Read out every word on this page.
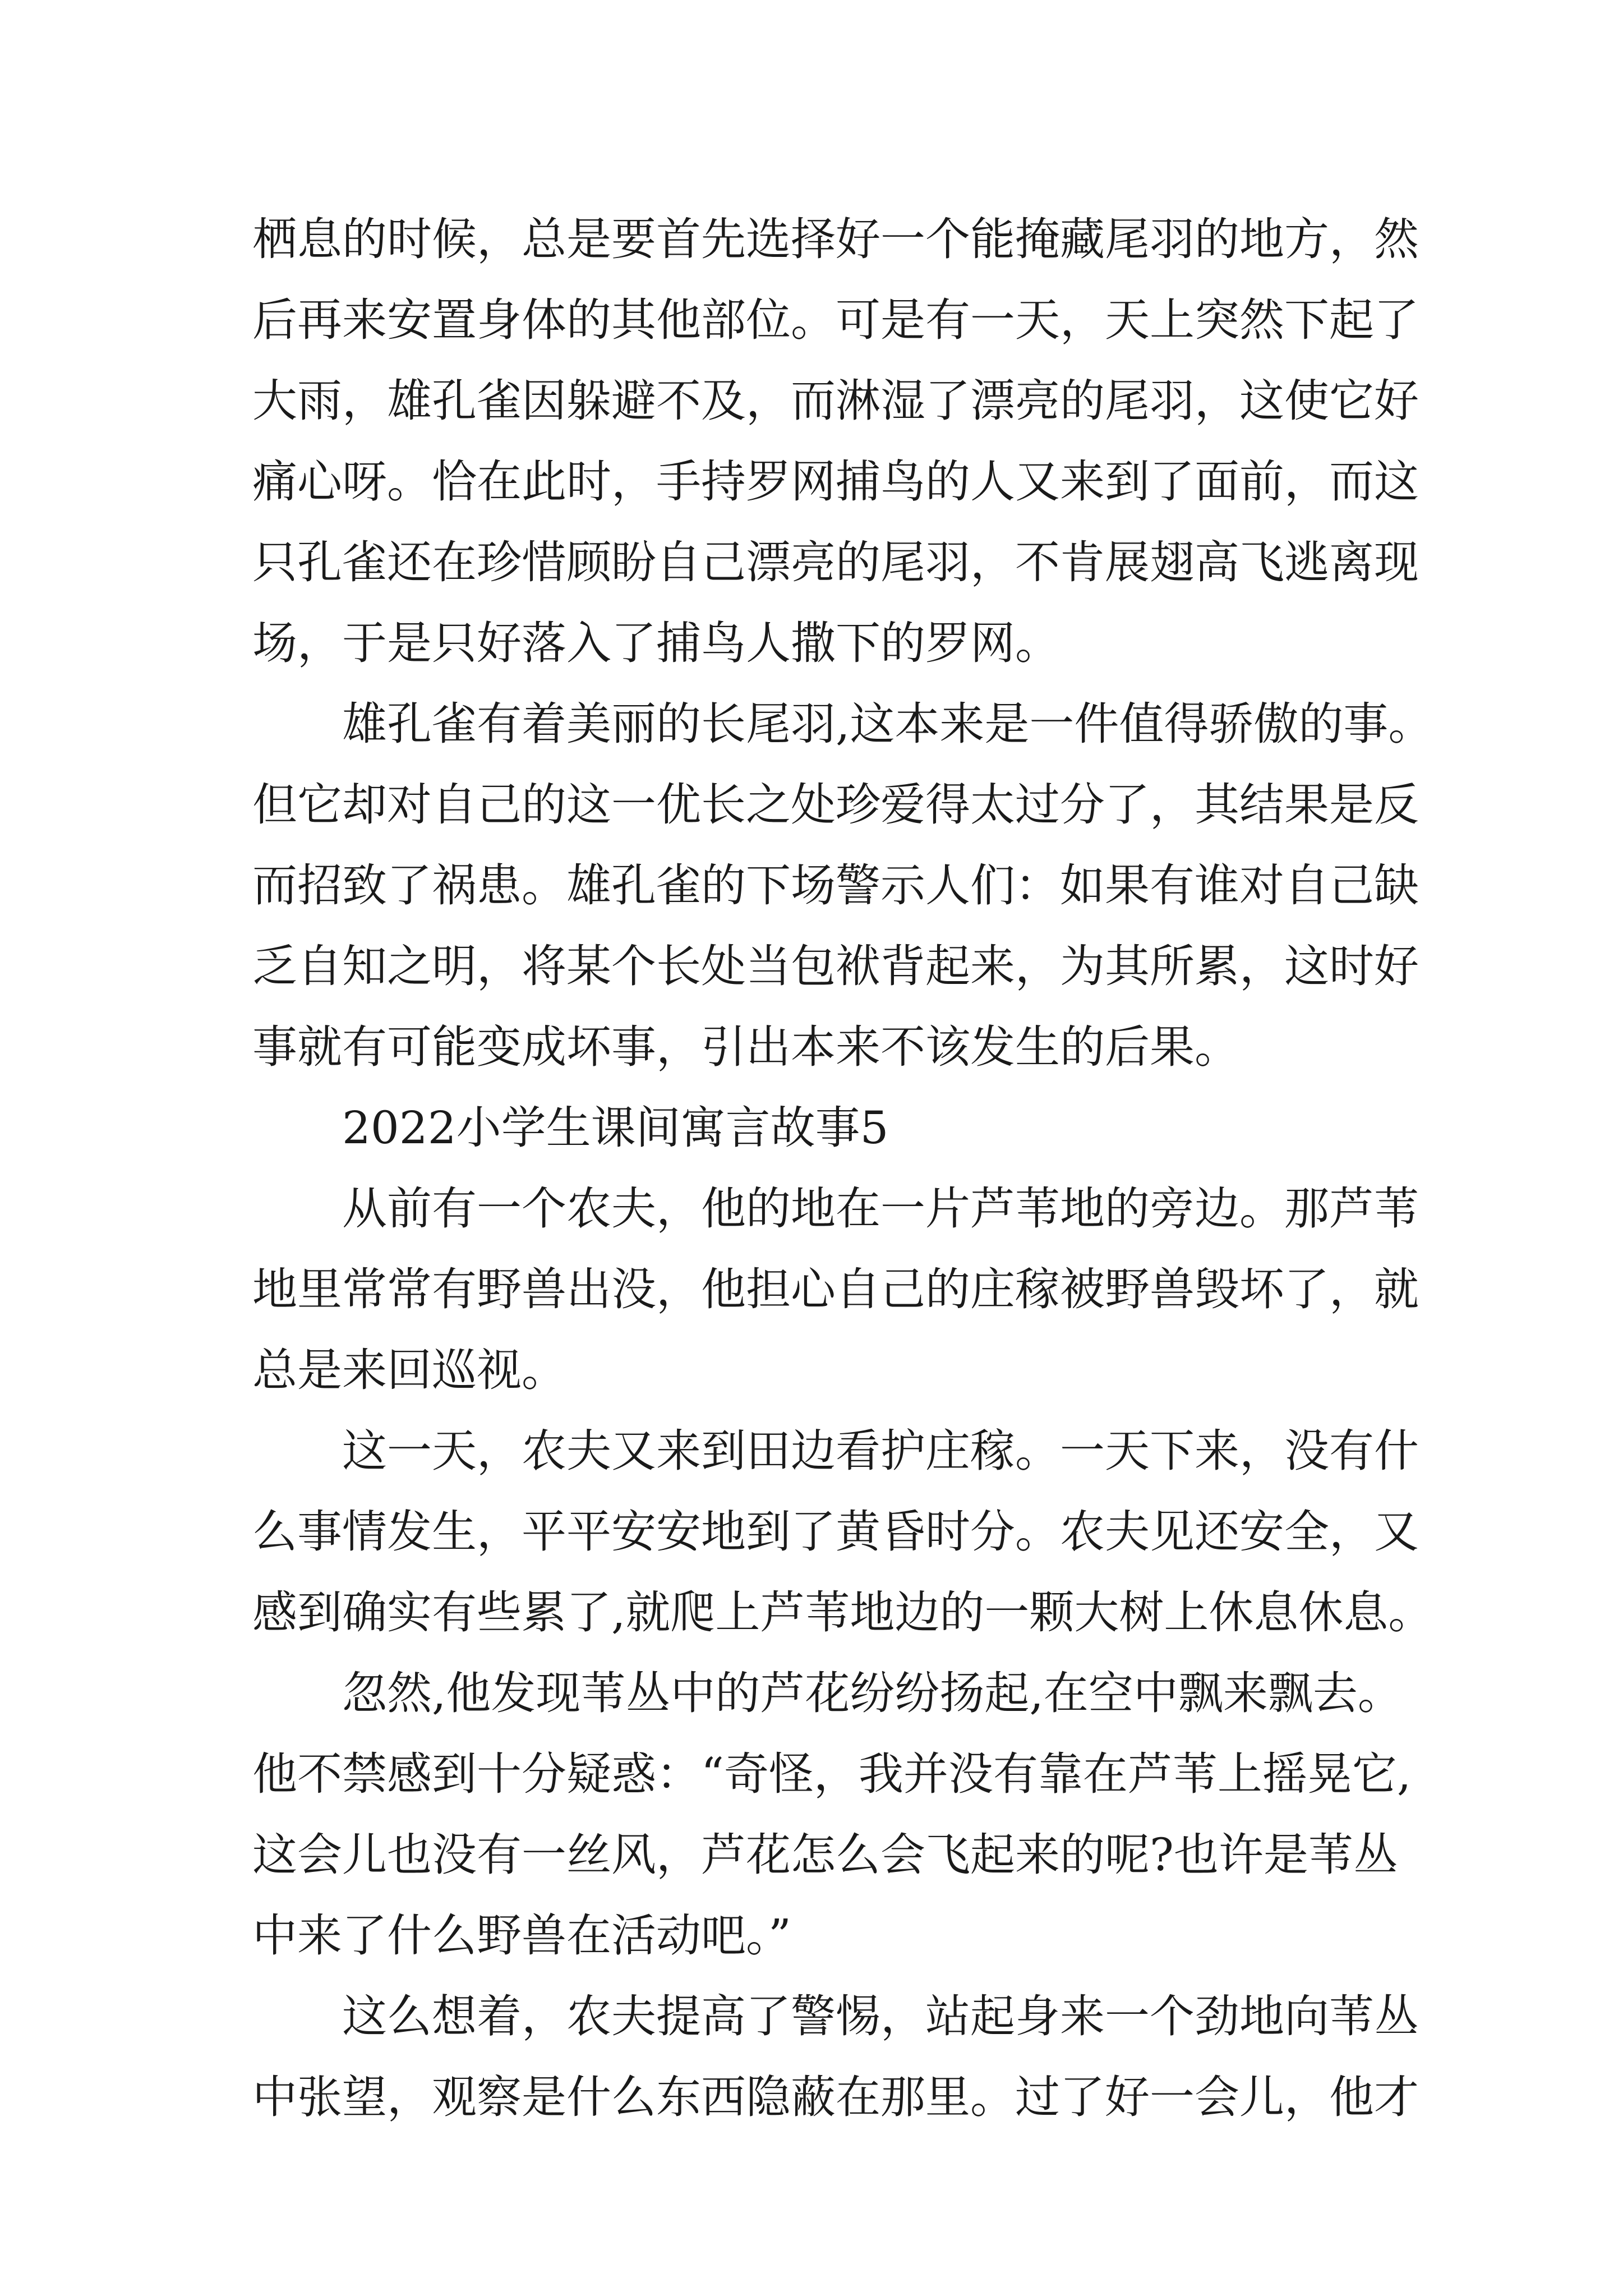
栖息的时候，总是要首先选择好一个能掩藏尾羽的地方，然
后再来安置身体的其他部位。可是有一天，天上突然下起了
大雨，雄孔雀因躲避不及，而淋湿了漂亮的尾羽，这使它好
痛心呀。恰在此时，手持罗网捕鸟的人又来到了面前，而这
只孔雀还在珍惜顾盼自己漂亮的尾羽，不肯展翅高飞逃离现
场，于是只好落入了捕鸟人撒下的罗网。
雄孔雀有着美丽的长尾羽,这本来是一件值得骄傲的事。
但它却对自己的这一优长之处珍爱得太过分了，其结果是反
而招致了祸患。雄孔雀的下场警示人们：如果有谁对自己缺
乏自知之明，将某个长处当包袱背起来，为其所累，这时好
事就有可能变成坏事，引出本来不该发生的后果。
2022小学生课间寓言故事5
从前有一个农夫，他的地在一片芦苇地的旁边。那芦苇
地里常常有野兽出没，他担心自己的庄稼被野兽毁坏了，就
总是来回巡视。
这一天，农夫又来到田边看护庄稼。一天下来，没有什
么事情发生，平平安安地到了黄昏时分。农夫见还安全，又
感到确实有些累了,就爬上芦苇地边的一颗大树上休息休息。
忽然,他发现苇丛中的芦花纷纷扬起,在空中飘来飘去。
他不禁感到十分疑惑：“奇怪，我并没有靠在芦苇上摇晃它,
这会儿也没有一丝风，芦花怎么会飞起来的呢?也许是苇丛
中来了什么野兽在活动吧。”
这么想着，农夫提高了警惕，站起身来一个劲地向苇丛
中张望，观察是什么东西隐蔽在那里。过了好一会儿，他才
